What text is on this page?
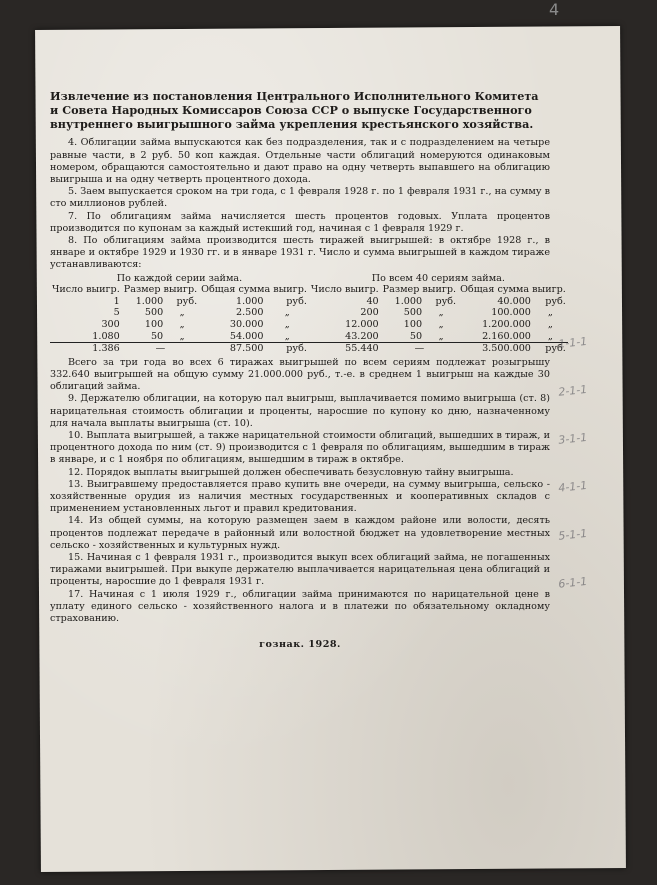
4
Извлечение из постановления Центрального Исполнительного Комитета и Совета Народных Комиссаров Союза ССР о выпуске Государственного внутреннего выигрышного займа укрепления крестьянского хозяйства.

4. Облигации займа выпускаются как без подразделения, так и с подразделением на четыре равные части, в 2 руб. 50 коп каждая. Отдельные части облигаций номеруются одинаковым номером, обращаются самостоятельно и дают право на одну четверть выпавшего на облигацию выигрыша и на одну четверть процентного дохода.

5. Заем выпускается сроком на три года, с 1 февраля 1928 г. по 1 февраля 1931 г., на сумму в сто миллионов рублей.

7. По облигациям займа начисляется шесть процентов годовых. Уплата процентов производится по купонам за каждый истекший год, начиная с 1 февраля 1929 г.

8. По облигациям займа производится шесть тиражей выигрышей: в октябре 1928 г., в январе и октябре 1929 и 1930 гг. и в январе 1931 г. Число и сумма выигрышей в каждом тираже устанавливаются:

По каждой серии займа.					По всем 40 сериям займа.				
Число выигр.	Размер выигр.		Общая сумма выигр.		Число выигр.	Размер выигр.		Общая сумма выигр.	
1	1.000	руб.	1.000	руб.	40	1.000	руб.	40.000	руб.
5	500	„	2.500	„	200	500	„	100.000	„
300	100	„	30.000	„	12.000	100	„	1.200.000	„
1.080	50	„	54.000	„	43.200	50	„	2.160.000	„
1.386	—		87.500	руб.	55.440	—		3.500.000	руб.

Всего за три года во всех 6 тиражах выигрышей по всем сериям подлежат розыгрышу 332.640 выигрышей на общую сумму 21.000.000 руб., т.-е. в среднем 1 выигрыш на каждые 30 облигаций займа.

9. Держателю облигации, на которую пал выигрыш, выплачивается помимо выигрыша (ст. 8) нарицательная стоимость облигации и проценты, наросшие по купону ко дню, назначенному для начала выплаты выигрыша (ст. 10).

10. Выплата выигрышей, а также нарицательной стоимости облигаций, вышедших в тираж, и процентного дохода по ним (ст. 9) производится с 1 февраля по облигациям, вышедшим в тираж в январе, и с 1 ноября по облигациям, вышедшим в тираж в октябре.

12. Порядок выплаты выигрышей должен обеспечивать безусловную тайну выигрыша.

13. Выигравшему предоставляется право купить вне очереди, на сумму выигрыша, сельско - хозяйственные орудия из наличия местных государственных и кооперативных складов с применением установленных льгот и правил кредитования.

14. Из общей суммы, на которую размещен заем в каждом районе или волости, десять процентов подлежат передаче в районный или волостной бюджет на удовлетворение местных сельско - хозяйственных и культурных нужд.

15. Начиная с 1 февраля 1931 г., производится выкуп всех облигаций займа, не погашенных тиражами выигрышей. При выкупе держателю выплачивается нарицательная цена облигаций и проценты, наросшие до 1 февраля 1931 г.

17. Начиная с 1 июля 1929 г., облигации займа принимаются по нарицательной цене в уплату единого сельско - хозяйственного налога и в платежи по обязательному окладному страхованию.

гознак. 1928.
1-1-1
2-1-1
3-1-1
4-1-1
5-1-1
6-1-1
